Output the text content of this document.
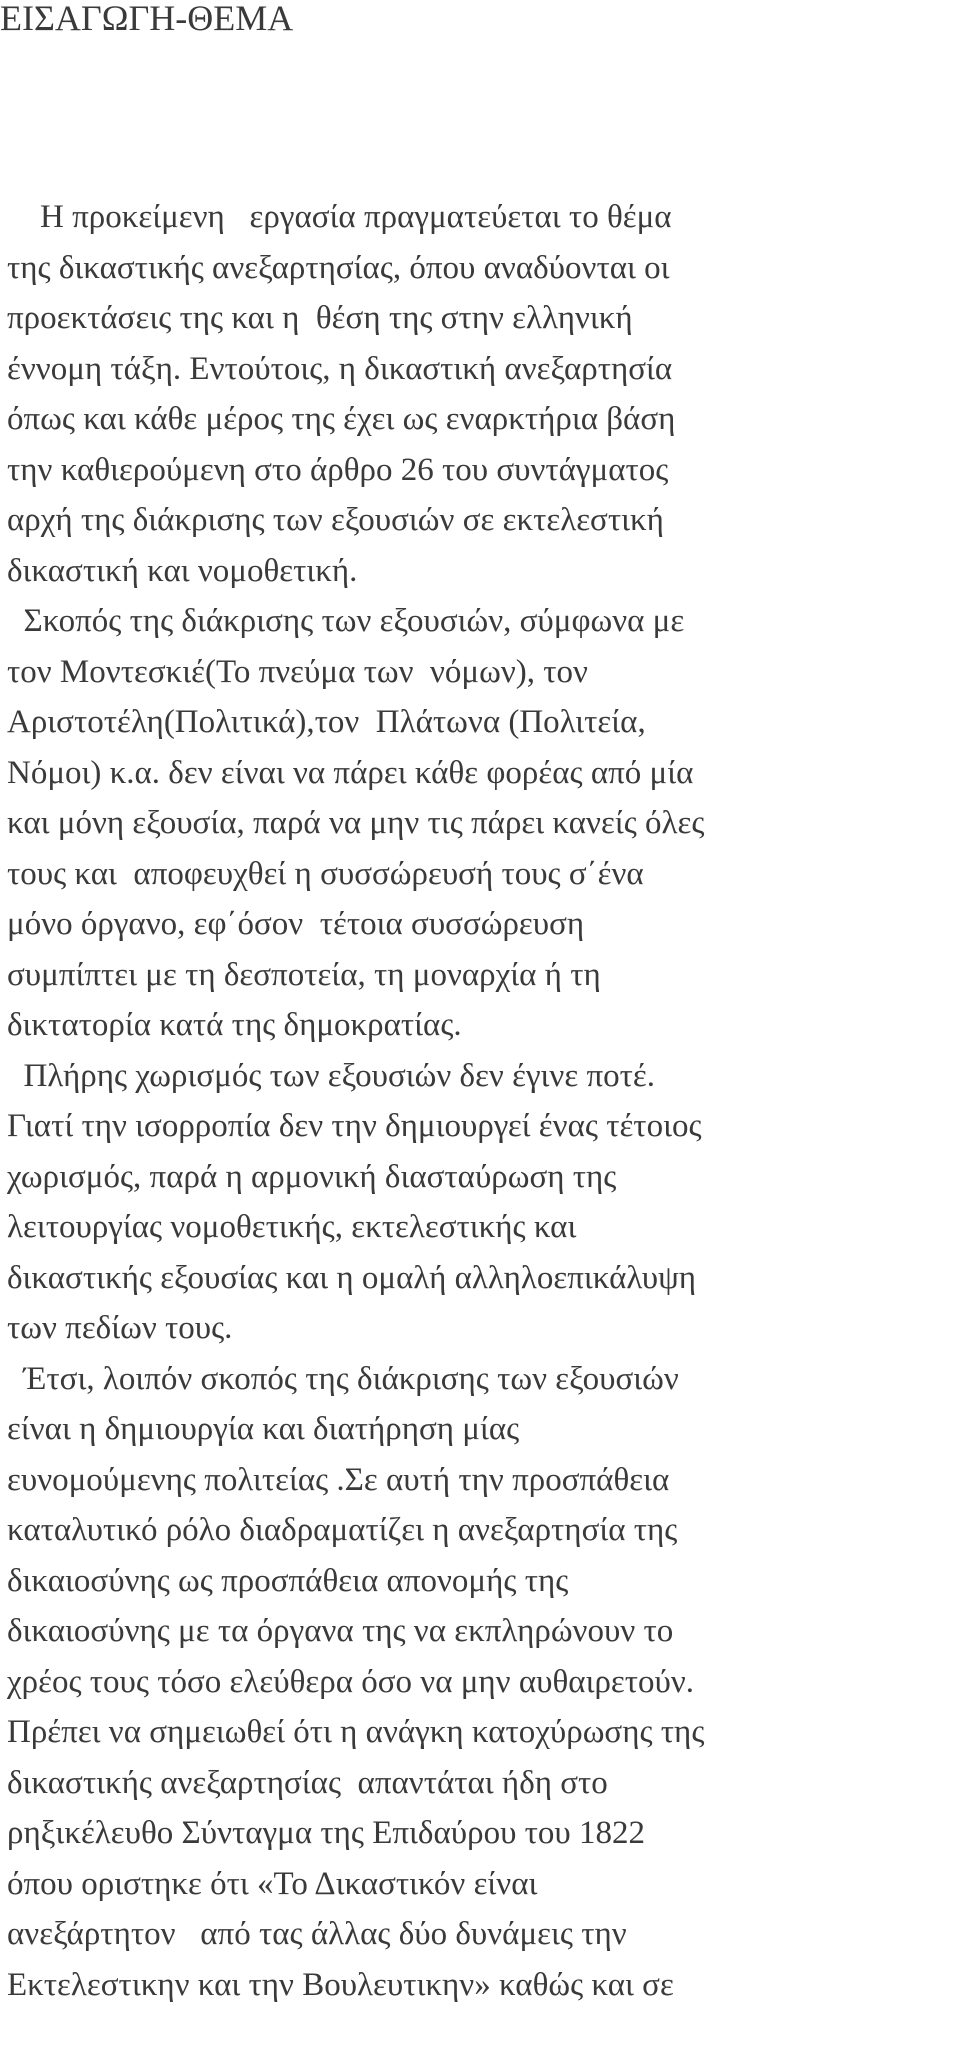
ΕΙΣΑΓΩΓΗ-ΘΕΜΑ
Η προκείμενη   εργασία πραγματεύεται το θέμα
της δικαστικής ανεξαρτησίας, όπου αναδύονται οι
προεκτάσεις της και η  θέση της στην ελληνική
έννομη τάξη. Εντούτοις, η δικαστική ανεξαρτησία
όπως και κάθε μέρος της έχει ως εναρκτήρια βάση
την καθιερούμενη στο άρθρο 26 του συντάγματος
αρχή της διάκρισης των εξουσιών σε εκτελεστική
δικαστική και νομοθετική.
Σκοπός της διάκρισης των εξουσιών, σύμφωνα με
τον Μοντεσκιέ(Το πνεύμα των  νόμων), τον
Αριστοτέλη(Πολιτικά),τον  Πλάτωνα (Πολιτεία,
Νόμοι) κ.α. δεν είναι να πάρει κάθε φορέας από μία
και μόνη εξουσία, παρά να μην τις πάρει κανείς όλες
τους και  αποφευχθεί η συσσώρευσή τους σ΄ένα
μόνο όργανο, εφ΄όσον  τέτοια συσσώρευση
συμπίπτει με τη δεσποτεία, τη μοναρχία ή τη
δικτατορία κατά της δημοκρατίας.
Πλήρης χωρισμός των εξουσιών δεν έγινε ποτέ.
Γιατί την ισορροπία δεν την δημιουργεί ένας τέτοιος
χωρισμός, παρά η αρμονική διασταύρωση της
λειτουργίας νομοθετικής, εκτελεστικής και
δικαστικής εξουσίας και η ομαλή αλληλοεπικάλυψη
των πεδίων τους.
Έτσι, λοιπόν σκοπός της διάκρισης των εξουσιών
είναι η δημιουργία και διατήρηση μίας
ευνομούμενης πολιτείας .Σε αυτή την προσπάθεια
καταλυτικό ρόλο διαδραματίζει η ανεξαρτησία της
δικαιοσύνης ως προσπάθεια απονομής της
δικαιοσύνης με τα όργανα της να εκπληρώνουν το
χρέος τους τόσο ελεύθερα όσο να μην αυθαιρετούν.
Πρέπει να σημειωθεί ότι η ανάγκη κατοχύρωσης της
δικαστικής ανεξαρτησίας  απαντάται ήδη στο
ρηξικέλευθο Σύνταγμα της Επιδαύρου του 1822
όπου οριστηκε ότι «Το Δικαστικόν είναι
ανεξάρτητον   από τας άλλας δύο δυνάμεις την
Εκτελεστικην και την Βουλευτικην» καθώς και σε
